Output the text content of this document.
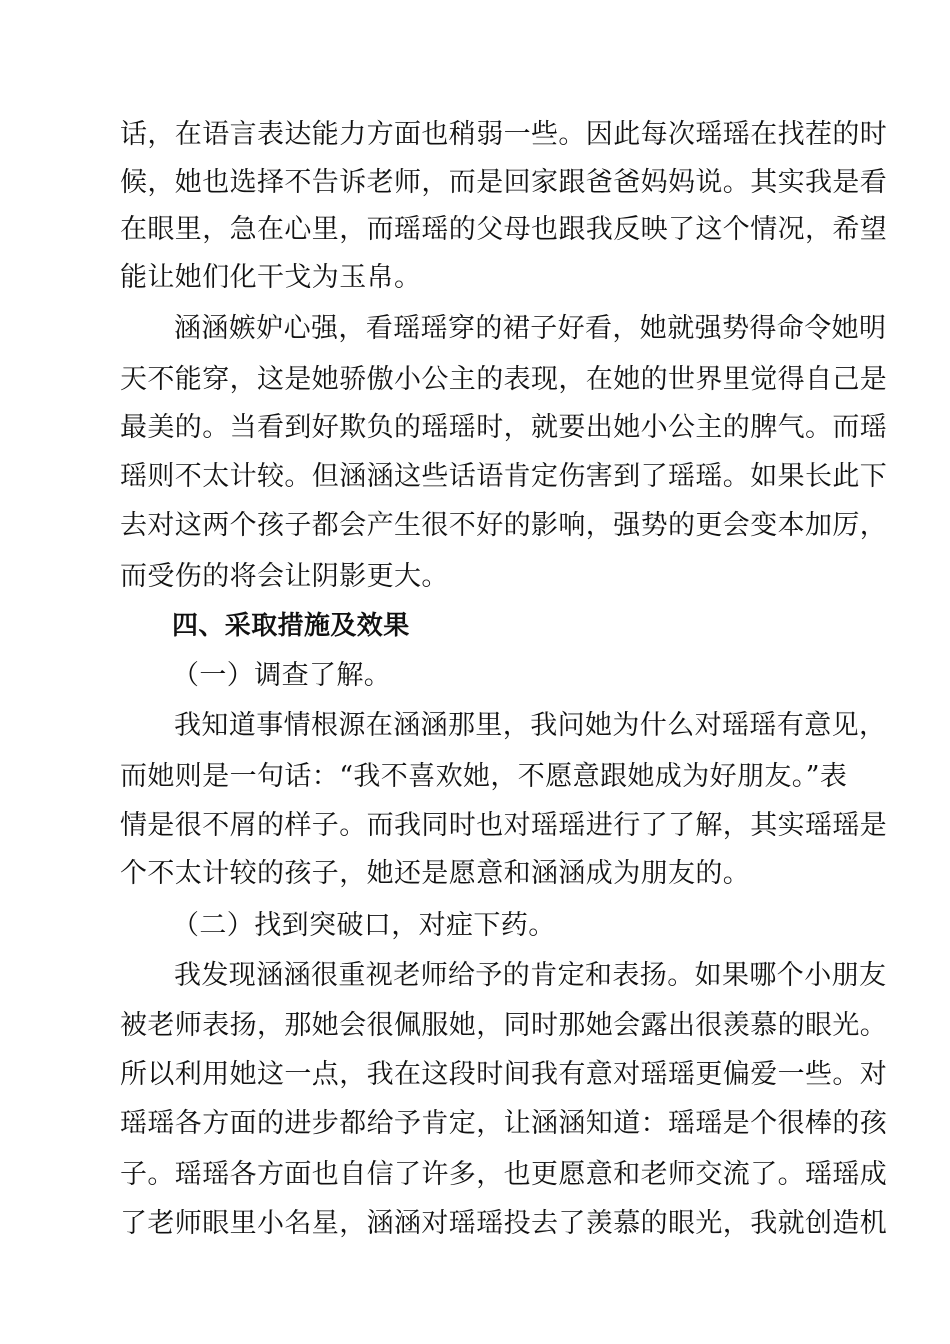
话，在语言表达能力方面也稍弱一些。因此每次瑶瑶在找茬的时
候，她也选择不告诉老师，而是回家跟爸爸妈妈说。其实我是看
在眼里，急在心里，而瑶瑶的父母也跟我反映了这个情况，希望
能让她们化干戈为玉帛。
涵涵嫉妒心强，看瑶瑶穿的裙子好看，她就强势得命令她明
天不能穿，这是她骄傲小公主的表现，在她的世界里觉得自己是
最美的。当看到好欺负的瑶瑶时，就要出她小公主的脾气。而瑶
瑶则不太计较。但涵涵这些话语肯定伤害到了瑶瑶。如果长此下
去对这两个孩子都会产生很不好的影响，强势的更会变本加厉，
而受伤的将会让阴影更大。
四、采取措施及效果
（一）调查了解。
我知道事情根源在涵涵那里，我问她为什么对瑶瑶有意见，
而她则是一句话：“我不喜欢她，不愿意跟她成为好朋友。”表
情是很不屑的样子。而我同时也对瑶瑶进行了了解，其实瑶瑶是
个不太计较的孩子，她还是愿意和涵涵成为朋友的。
（二）找到突破口，对症下药。
我发现涵涵很重视老师给予的肯定和表扬。如果哪个小朋友
被老师表扬，那她会很佩服她，同时那她会露出很羡慕的眼光。
所以利用她这一点，我在这段时间我有意对瑶瑶更偏爱一些。对
瑶瑶各方面的进步都给予肯定，让涵涵知道：瑶瑶是个很棒的孩
子。瑶瑶各方面也自信了许多，也更愿意和老师交流了。瑶瑶成
了老师眼里小名星，涵涵对瑶瑶投去了羡慕的眼光，我就创造机
